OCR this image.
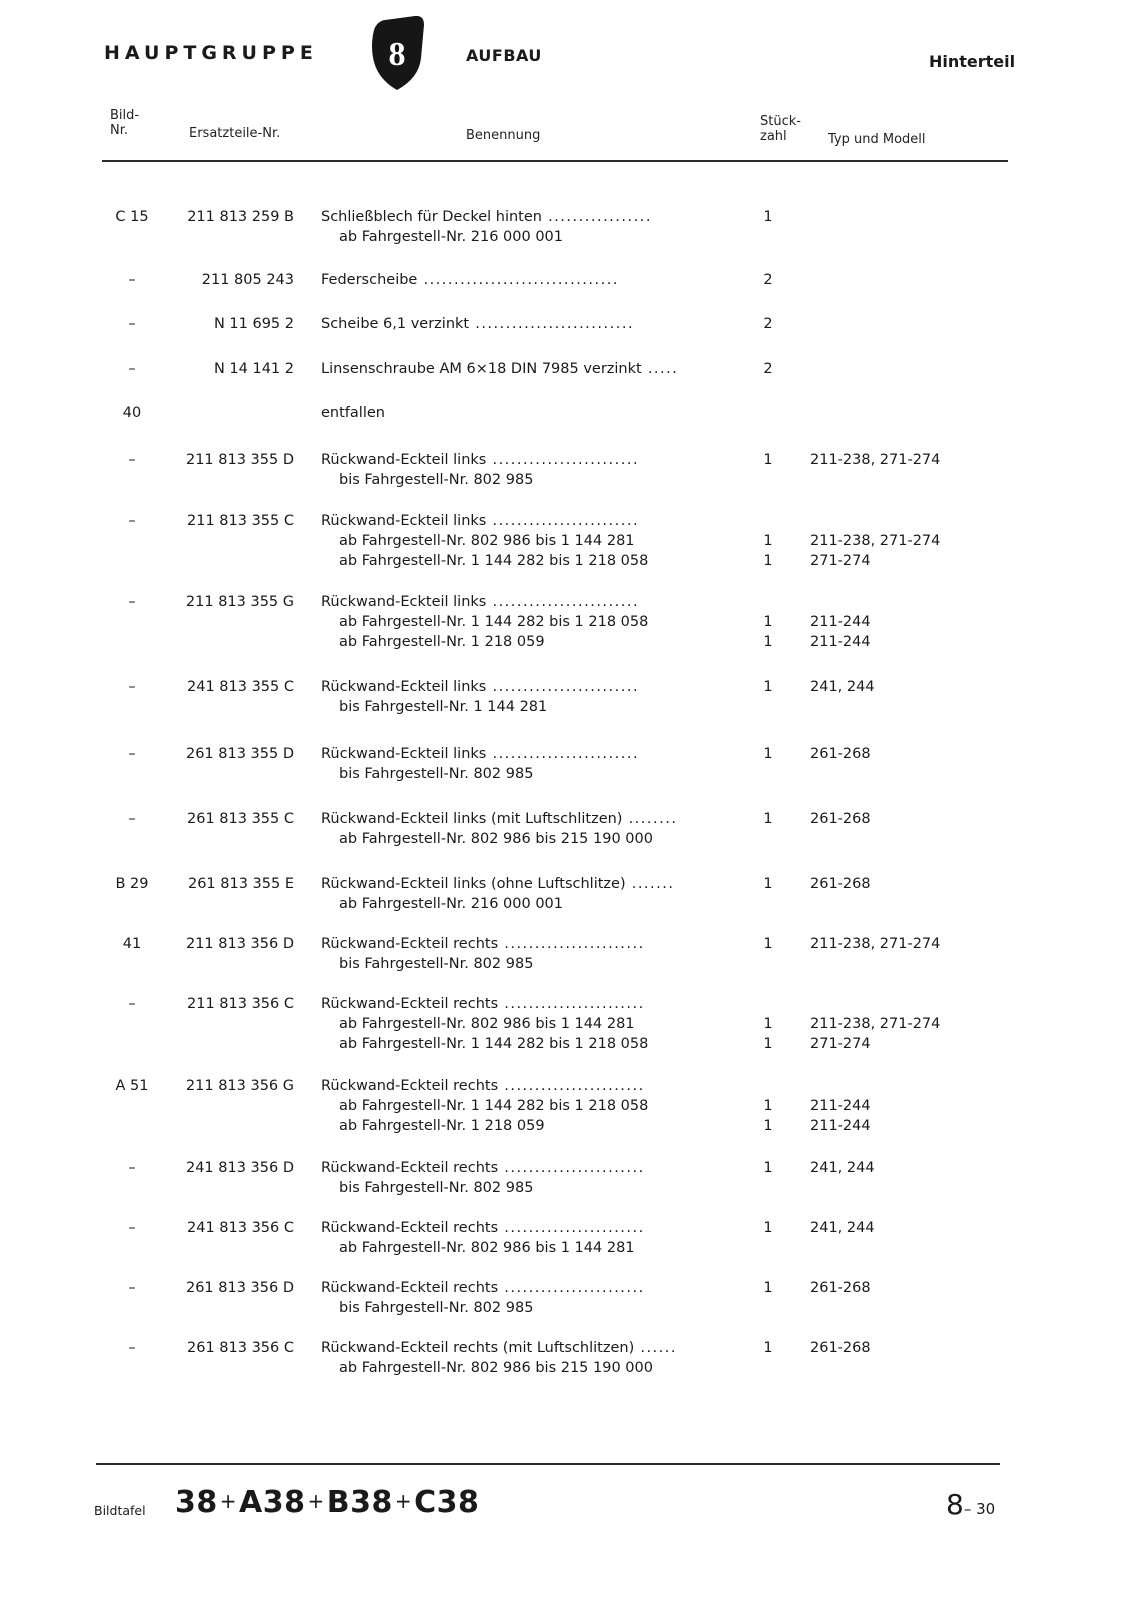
HAUPTGRUPPE 8	AUFBAU	Hinterteil
Bild-
Nr.	Ersatzteile-Nr.	Benennung
Stück-
zahl	Typ und Modell
C 15	211 813 259 B Schließblech für Deckel hinten .................	1
ab Fahrgestell-Nr. 216 000 001
–	211 805 243 Federscheibe ................................	2
–	N 11 695 2 Scheibe 6,1 verzinkt ..........................	2
–	N 14 141 2 Linsenschraube AM 6×18 DIN 7985 verzinkt .....	2
40	entfallen
–	211 813 355 D Rückwand-Eckteil links ........................	1	211-238, 271-274
bis Fahrgestell-Nr. 802 985
–	211 813 355 C Rückwand-Eckteil links ........................
ab Fahrgestell-Nr. 802 986 bis 1 144 281	1	211-238, 271-274
ab Fahrgestell-Nr. 1 144 282 bis 1 218 058	1	271-274
–	211 813 355 G Rückwand-Eckteil links ........................
ab Fahrgestell-Nr. 1 144 282 bis 1 218 058	1	211-244
ab Fahrgestell-Nr. 1 218 059	1	211-244
–	241 813 355 C Rückwand-Eckteil links ........................	1	241, 244
bis Fahrgestell-Nr. 1 144 281
–	261 813 355 D Rückwand-Eckteil links ........................	1	261-268
bis Fahrgestell-Nr. 802 985
–	261 813 355 C Rückwand-Eckteil links (mit Luftschlitzen) ........	1	261-268
ab Fahrgestell-Nr. 802 986 bis 215 190 000
B 29	261 813 355 E Rückwand-Eckteil links (ohne Luftschlitze) .......	1	261-268
ab Fahrgestell-Nr. 216 000 001
41	211 813 356 D Rückwand-Eckteil rechts .......................	1	211-238, 271-274
bis Fahrgestell-Nr. 802 985
–	211 813 356 C Rückwand-Eckteil rechts .......................
ab Fahrgestell-Nr. 802 986 bis 1 144 281	1	211-238, 271-274
ab Fahrgestell-Nr. 1 144 282 bis 1 218 058	1	271-274
A 51	211 813 356 G Rückwand-Eckteil rechts .......................
ab Fahrgestell-Nr. 1 144 282 bis 1 218 058	1	211-244
ab Fahrgestell-Nr. 1 218 059	1	211-244
–	241 813 356 D Rückwand-Eckteil rechts .......................	1	241, 244
bis Fahrgestell-Nr. 802 985
–	241 813 356 C Rückwand-Eckteil rechts .......................	1	241, 244
ab Fahrgestell-Nr. 802 986 bis 1 144 281
–	261 813 356 D Rückwand-Eckteil rechts .......................	1	261-268
bis Fahrgestell-Nr. 802 985
–	261 813 356 C Rückwand-Eckteil rechts (mit Luftschlitzen) ......	1	261-268
ab Fahrgestell-Nr. 802 986 bis 215 190 000
Bildtafel 38 +A38 +B38 +C38	8– 30
